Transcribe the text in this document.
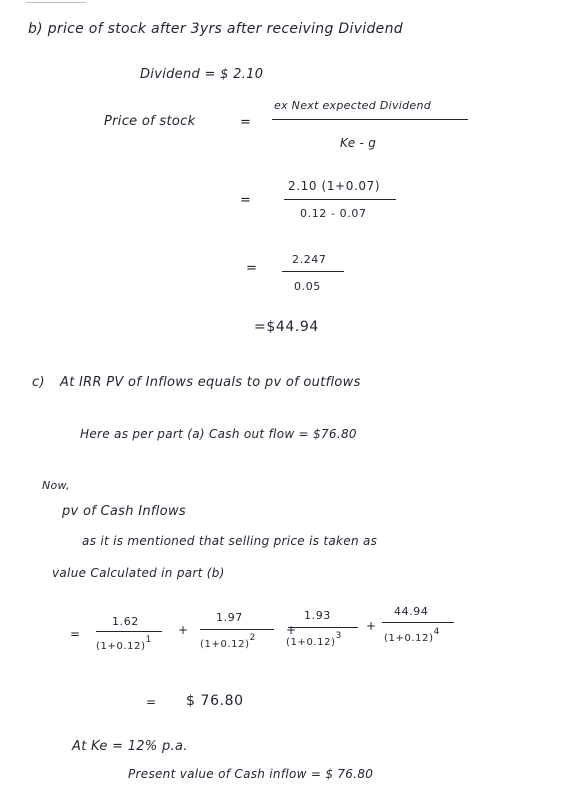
b) price of stock after 3yrs after receiving Dividend
Dividend = $ 2.10
Price of stock	=
ex Next expected Dividend
Ke - g
=
2.10 (1+0.07)
0.12 - 0.07
=
2.247
0.05
=$44.94
c) At IRR PV of Inflows equals to pv of outflows
Here as per part (a) Cash out flow = $76.80
Now,
pv of Cash Inflows
as it is mentioned that selling price is taken as
value Calculated in part (b)
=
1.62
(1+0.12)1
+
1.97
(1+0.12)2
+
1.93
(1+0.12)3
+
44.94
(1+0.12)4
= $ 76.80
At Ke = 12% p.a.
Present value of Cash inflow = $ 76.80
